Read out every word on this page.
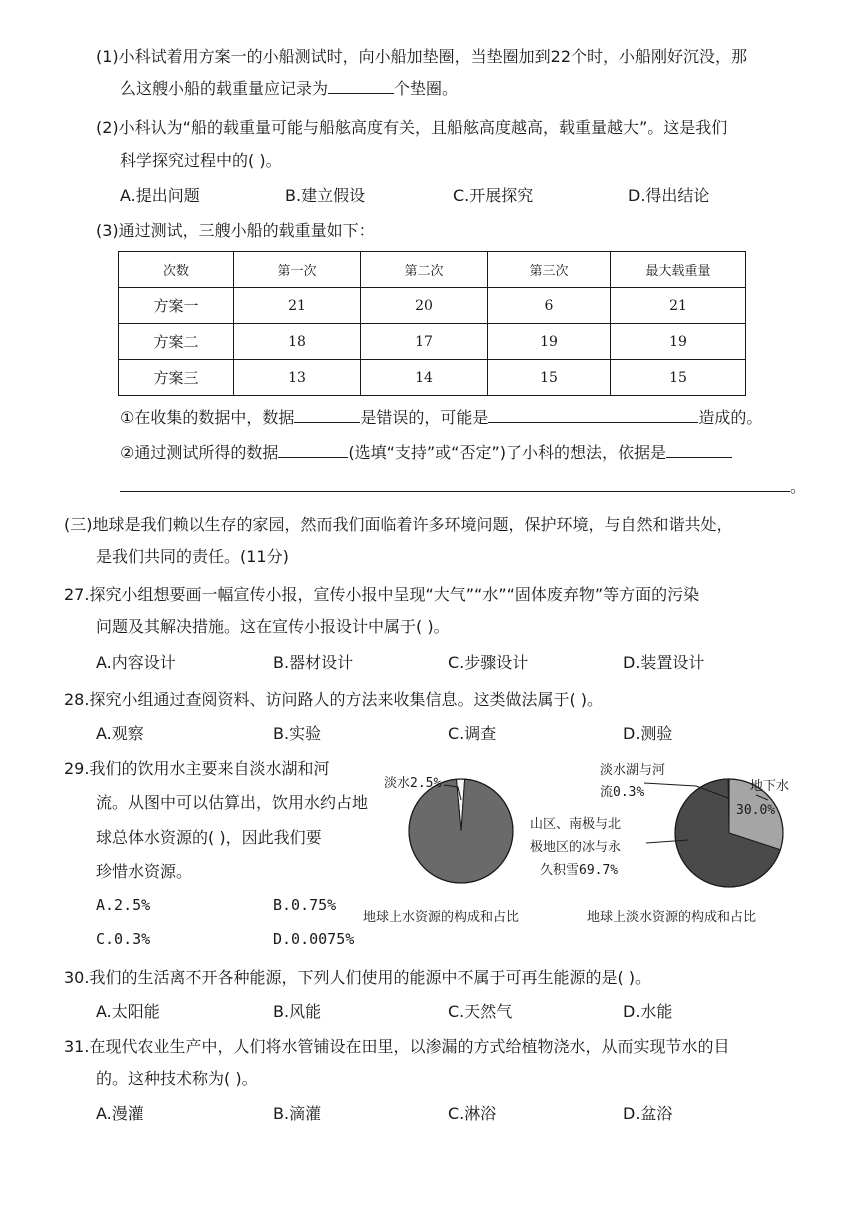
(1)小科试着用方案一的小船测试时，向小船加垫圈，当垫圈加到22个时，小船刚好沉没，那
么这艘小船的载重量应记录为	个垫圈。
(2)小科认为“船的载重量可能与船舷高度有关，且船舷高度越高，载重量越大”。这是我们
科学探究过程中的( )。
A.提出问题	B.建立假设	C.开展探究	D.得出结论
(3)通过测试，三艘小船的载重量如下：
次数	第一次	第二次	第三次	最大载重量
方案一	21	20	6	21
方案二	18	17	19	19
方案三	13	14	15	15
①在收集的数据中，数据	是错误的，可能是	造成的。
②通过测试所得的数据	(选填“支持”或“否定”)了小科的想法，依据是
。
(三)地球是我们赖以生存的家园，然而我们面临着许多环境问题，保护环境，与自然和谐共处，
是我们共同的责任。(11分)
27.探究小组想要画一幅宣传小报，宣传小报中呈现“大气”“水”“固体废弃物”等方面的污染
问题及其解决措施。这在宣传小报设计中属于( )。
A.内容设计	B.器材设计	C.步骤设计	D.装置设计
28.探究小组通过查阅资料、访问路人的方法来收集信息。这类做法属于( )。
A.观察	B.实验	C.调查	D.测验
29.我们的饮用水主要来自淡水湖和河
流。从图中可以估算出，饮用水约占地
球总体水资源的( )，因此我们要
珍惜水资源。
A.2.5%	B.0.75%
C.0.3%	D.0.0075%
淡水2.5%
地球上水资源的构成和占比
淡水湖与河
流0.3%	地下水
30.0%
山区、南极与北
极地区的冰与永
久积雪69.7%
地球上淡水资源的构成和占比
30.我们的生活离不开各种能源，下列人们使用的能源中不属于可再生能源的是( )。
A.太阳能	B.风能	C.天然气	D.水能
31.在现代农业生产中，人们将水管铺设在田里，以渗漏的方式给植物浇水，从而实现节水的目
的。这种技术称为( )。
A.漫灌	B.滴灌	C.淋浴	D.盆浴
